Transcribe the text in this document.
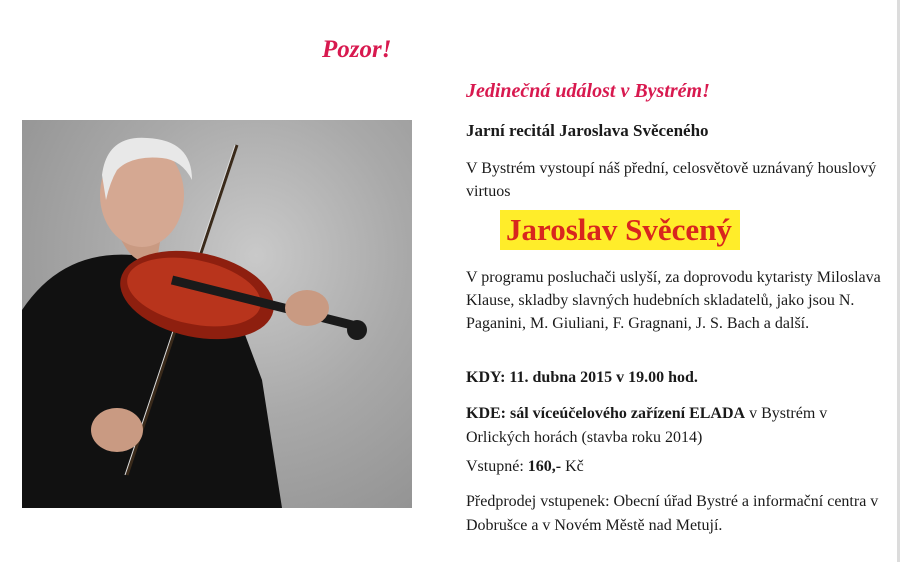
Pozor!
Jedinečná událost v Bystrém!
Jarní recitál Jaroslava Svěceného
V Bystrém vystoupí náš přední, celosvětově uznávaný houslový virtuos
Jaroslav Svěcený
V programu posluchači uslyší, za doprovodu kytaristy Miloslava Klause, skladby slavných hudebních skladatelů, jako jsou N. Paganini, M. Giuliani, F. Gragnani, J. S. Bach a další.
KDY: 11. dubna 2015 v 19.00 hod.
KDE: sál víceúčelového zařízení ELADA v Bystrém v Orlických horách (stavba roku 2014)
Vstupné: 160,- Kč
Předprodej vstupenek: Obecní úřad Bystré a informační centra v Dobrušce a v Novém Městě nad Metují.
